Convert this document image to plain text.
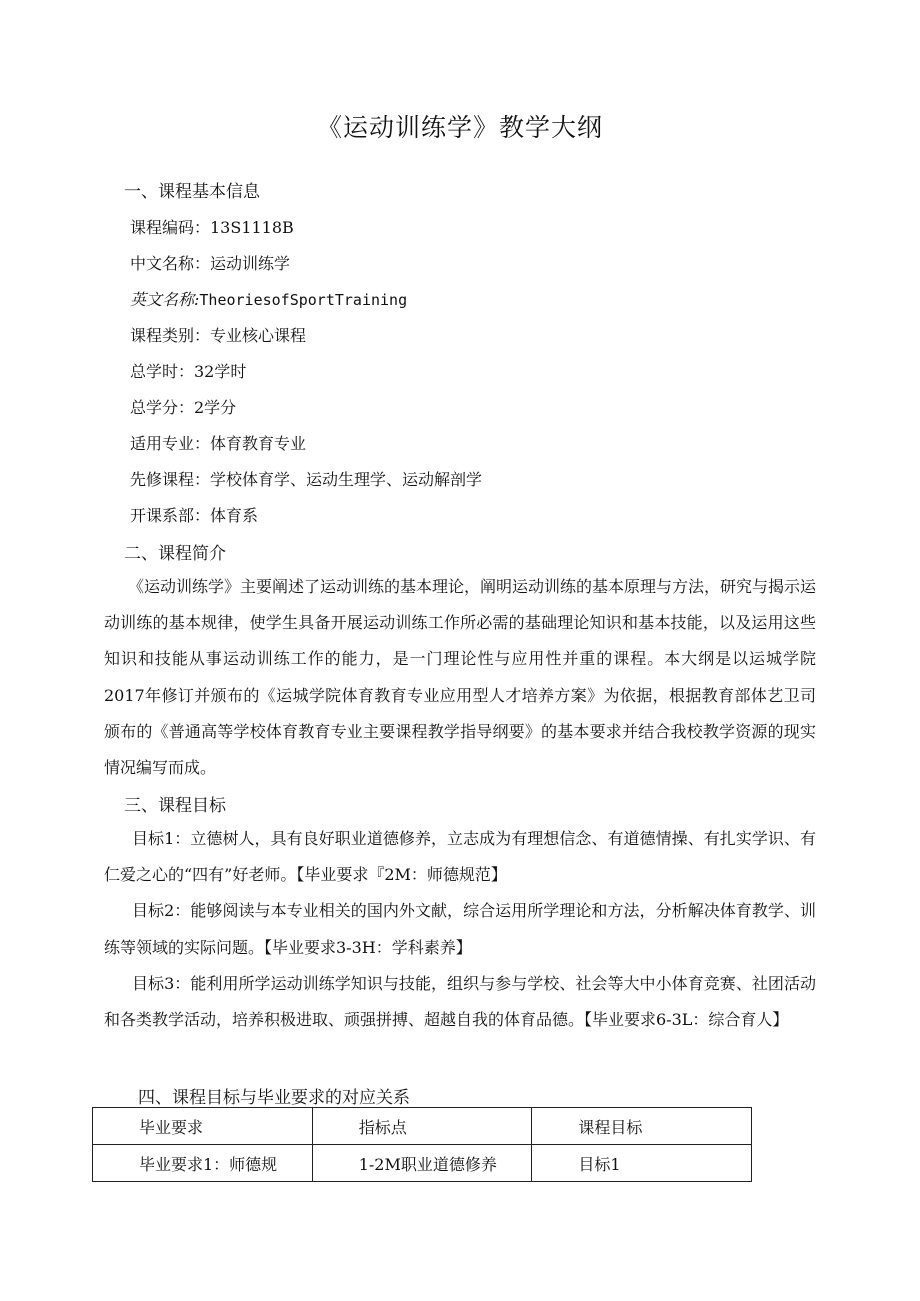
《运动训练学》教学大纲
一、课程基本信息
课程编码：13S1118B
中文名称：运动训练学
英文名称:TheoriesofSportTraining
课程类别：专业核心课程
总学时：32学时
总学分：2学分
适用专业：体育教育专业
先修课程：学校体育学、运动生理学、运动解剖学
开课系部：体育系
二、课程简介
《运动训练学》主要阐述了运动训练的基本理论，阐明运动训练的基本原理与方法，研究与揭示运动训练的基本规律，使学生具备开展运动训练工作所必需的基础理论知识和基本技能，以及运用这些知识和技能从事运动训练工作的能力，是一门理论性与应用性并重的课程。本大纲是以运城学院2017年修订并颁布的《运城学院体育教育专业应用型人才培养方案》为依据，根据教育部体艺卫司颁布的《普通高等学校体育教育专业主要课程教学指导纲要》的基本要求并结合我校教学资源的现实情况编写而成。
三、课程目标
目标1：立德树人，具有良好职业道德修养，立志成为有理想信念、有道德情操、有扎实学识、有仁爱之心的“四有”好老师。【毕业要求『2M：师德规范】
目标2：能够阅读与本专业相关的国内外文献，综合运用所学理论和方法，分析解决体育教学、训练等领域的实际问题。【毕业要求3-3H：学科素养】
目标3：能利用所学运动训练学知识与技能，组织与参与学校、社会等大中小体育竞赛、社团活动和各类教学活动，培养积极进取、顽强拼搏、超越自我的体育品德。【毕业要求6-3L：综合育人】
四、课程目标与毕业要求的对应关系
毕业要求	指标点	课程目标
毕业要求1：师德规	1-2M职业道德修养	目标1
